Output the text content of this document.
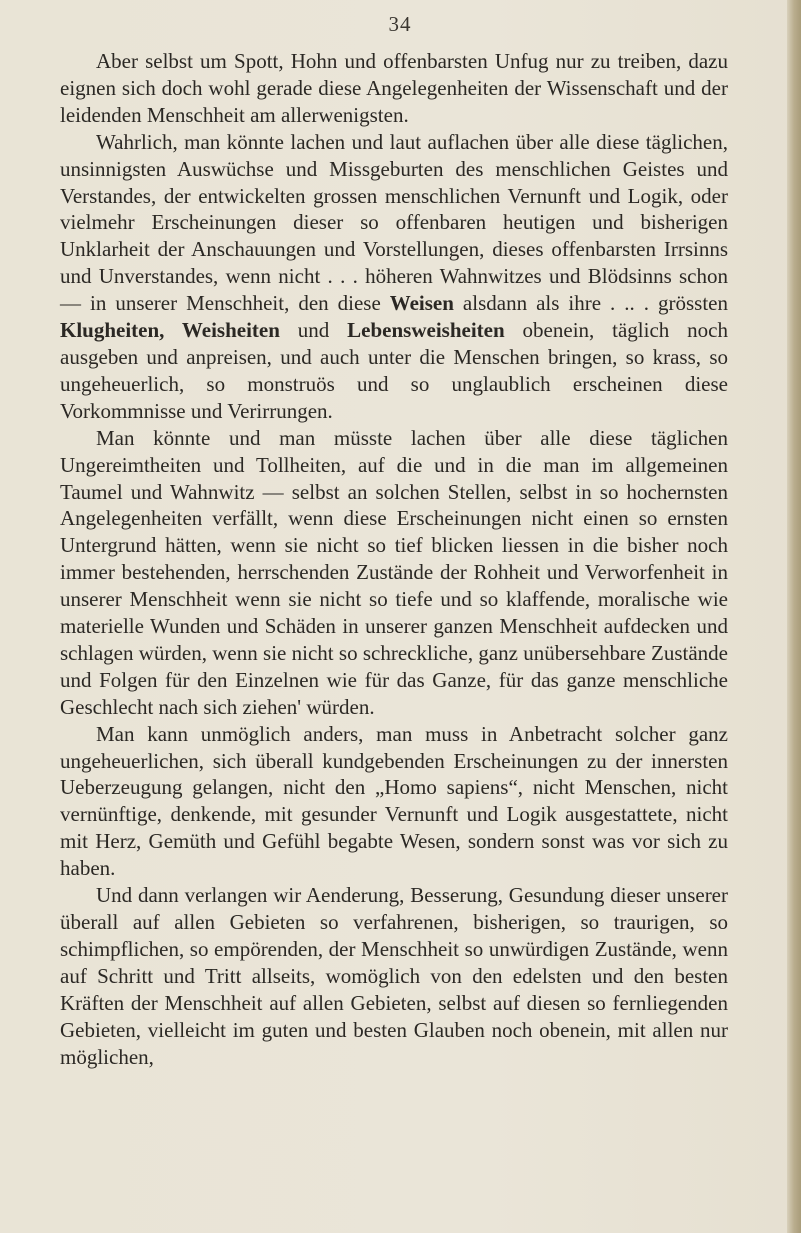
34

Aber selbst um Spott, Hohn und offenbarsten Unfug nur zu treiben, dazu eignen sich doch wohl gerade diese Angelegenheiten der Wissenschaft und der leidenden Menschheit am allerwenigsten.

Wahrlich, man könnte lachen und laut auflachen über alle diese täglichen, unsinnigsten Auswüchse und Missgeburten des menschlichen Geistes und Verstandes, der entwickelten grossen menschlichen Vernunft und Logik, oder vielmehr Erscheinungen dieser so offenbaren heutigen und bisherigen Unklarheit der Anschauungen und Vorstellungen, dieses offenbarsten Irrsinns und Unverstandes, wenn nicht . . . höheren Wahnwitzes und Blödsinns schon — in unserer Menschheit, den diese Weisen alsdann als ihre . .. . grössten Klugheiten, Weisheiten und Lebensweisheiten obenein, täglich noch ausgeben und anpreisen, und auch unter die Menschen bringen, so krass, so ungeheuerlich, so monstruös und so unglaublich erscheinen diese Vorkommnisse und Verirrungen.

Man könnte und man müsste lachen über alle diese täglichen Ungereimtheiten und Tollheiten, auf die und in die man im allgemeinen Taumel und Wahnwitz — selbst an solchen Stellen, selbst in so hochernsten Angelegenheiten verfällt, wenn diese Erscheinungen nicht einen so ernsten Untergrund hätten, wenn sie nicht so tief blicken liessen in die bisher noch immer bestehenden, herrschenden Zustände der Rohheit und Verworfenheit in unserer Menschheit wenn sie nicht so tiefe und so klaffende, moralische wie materielle Wunden und Schäden in unserer ganzen Menschheit aufdecken und schlagen würden, wenn sie nicht so schreckliche, ganz unübersehbare Zustände und Folgen für den Einzelnen wie für das Ganze, für das ganze menschliche Geschlecht nach sich ziehen' würden.

Man kann unmöglich anders, man muss in Anbetracht solcher ganz ungeheuerlichen, sich überall kundgebenden Erscheinungen zu der innersten Ueberzeugung gelangen, nicht den „Homo sapiens“, nicht Menschen, nicht vernünftige, denkende, mit gesunder Vernunft und Logik ausgestattete, nicht mit Herz, Gemüth und Gefühl begabte Wesen, sondern sonst was vor sich zu haben.

Und dann verlangen wir Aenderung, Besserung, Gesundung dieser unserer überall auf allen Gebieten so verfahrenen, bisherigen, so traurigen, so schimpflichen, so empörenden, der Menschheit so unwürdigen Zustände, wenn auf Schritt und Tritt allseits, womöglich von den edelsten und den besten Kräften der Menschheit auf allen Gebieten, selbst auf diesen so fernliegenden Gebieten, vielleicht im guten und besten Glauben noch obenein, mit allen nur möglichen,
